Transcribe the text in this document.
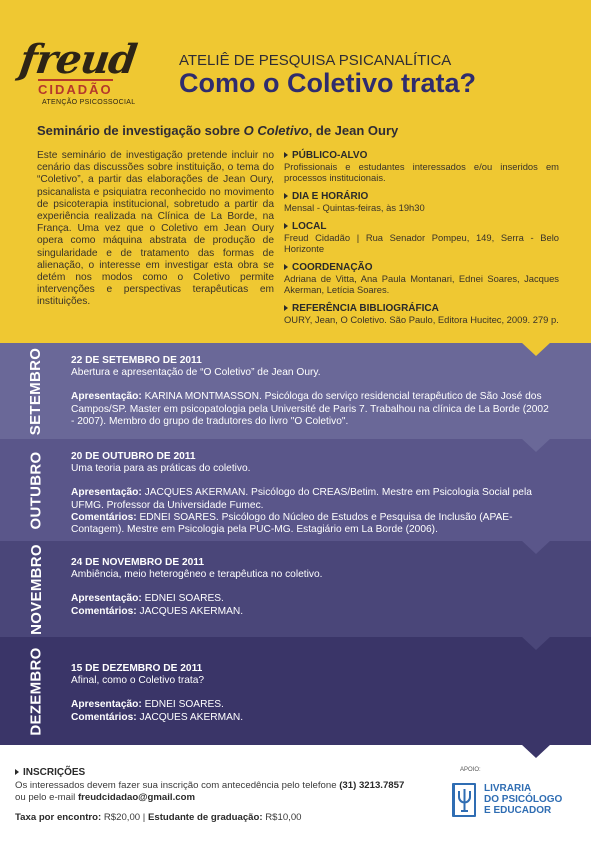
freud
CIDADÃO
ATENÇÃO PSICOSSOCIAL
ATELIÊ DE PESQUISA PSICANALÍTICA
Como o Coletivo trata?
Seminário de investigação sobre O Coletivo, de Jean Oury
Este seminário de investigação pretende incluir no cenário das discussões sobre instituição, o tema do “Coletivo”, a partir das elaborações de Jean Oury, psicanalista e psiquiatra reconhecido no movimento de psicoterapia institucional, sobretudo a partir da experiência realizada na Clínica de La Borde, na França. Uma vez que o Coletivo em Jean Oury opera como máquina abstrata de produção de singularidade e de tratamento das formas de alienação, o interesse em investigar esta obra se detém nos modos como o Coletivo permite intervenções e perspectivas terapêuticas em instituições.
PÚBLICO-ALVO
Profissionais e estudantes interessados e/ou inseridos em processos institucionais.
DIA E HORÁRIO
Mensal - Quintas-feiras, às 19h30
LOCAL
Freud Cidadão | Rua Senador Pompeu, 149, Serra - Belo Horizonte
COORDENAÇÃO
Adriana de Vitta, Ana Paula Montanari, Ednei Soares, Jacques Akerman, Letícia Soares.
REFERÊNCIA BIBLIOGRÁFICA
OURY, Jean, O Coletivo. São Paulo, Editora Hucitec, 2009. 279 p.
SETEMBRO	22 DE SETEMBRO DE 2011
Abertura e apresentação de “O Coletivo” de Jean Oury.
Apresentação: KARINA MONTMASSON. Psicóloga do serviço residencial terapêutico de São José dos Campos/SP. Master em psicopatologia pela Université de Paris 7. Trabalhou na clínica de La Borde (2002 - 2007). Membro do grupo de tradutores do livro "O Coletivo".
OUTUBRO	20 DE OUTUBRO DE 2011
Uma teoria para as práticas do coletivo.
Apresentação: JACQUES AKERMAN. Psicólogo do CREAS/Betim. Mestre em Psicologia Social pela UFMG. Professor da Universidade Fumec.
Comentários: EDNEI SOARES. Psicólogo do Núcleo de Estudos e Pesquisa de Inclusão (APAE-Contagem). Mestre em Psicologia pela PUC-MG. Estagiário em La Borde (2006).
NOVEMBRO	24 DE NOVEMBRO DE 2011
Ambiência, meio heterogêneo e terapêutica no coletivo.
Apresentação: EDNEI SOARES.
Comentários: JACQUES AKERMAN.
DEZEMBRO	15 DE DEZEMBRO DE 2011
Afinal, como o Coletivo trata?
Apresentação: EDNEI SOARES.
Comentários: JACQUES AKERMAN.
INSCRIÇÕES
Os interessados devem fazer sua inscrição com antecedência pelo telefone (31) 3213.7857
ou pelo e-mail freudcidadao@gmail.com
Taxa por encontro: R$20,00 | Estudante de graduação: R$10,00
APOIO:
LIVRARIA
DO PSICÓLOGO
E EDUCADOR
